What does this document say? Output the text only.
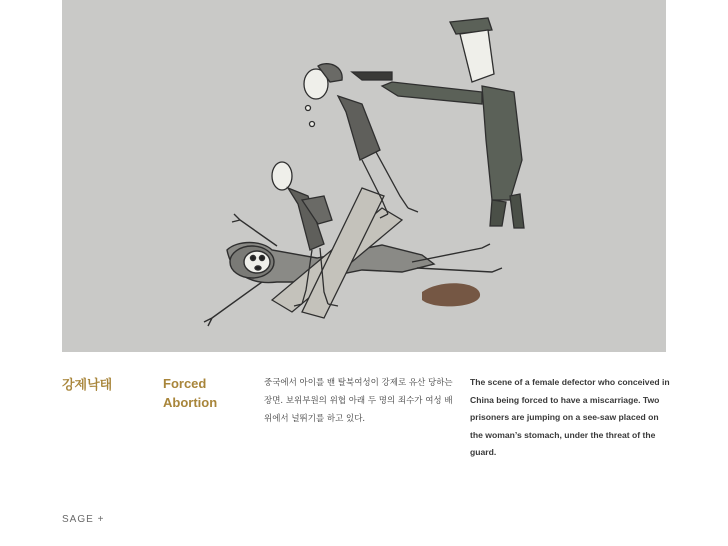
강제낙태	Forced
Abortion
중국에서 아이를 밴 탈북여성이 강제로 유산 당하는 장면. 보위부원의 위협 아래 두 명의 죄수가 여성 배 위에서 널뛰기를 하고 있다.
The scene of a female defector who conceived in China being forced to have a miscarriage. Two prisoners are jumping on a see-saw placed on the woman’s stomach, under the threat of the guard.
SAGE +
